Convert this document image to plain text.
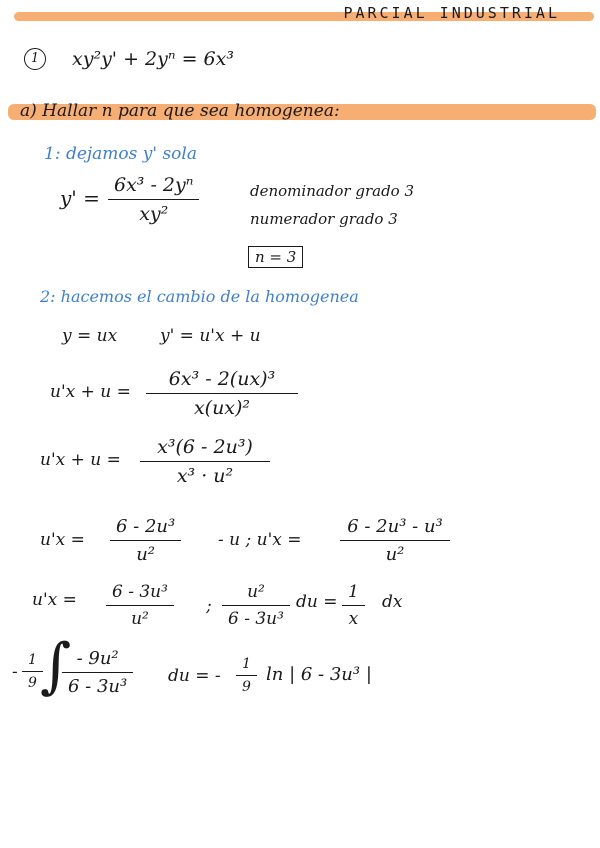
PARCIAL INDUSTRIAL
1	xy²y' + 2yⁿ = 6x³
a) Hallar n para que sea homogenea:
1: dejamos y' sola
$y' = \frac{\text{6x³ - 2yⁿ}}{\text{xy²}}$	denominador grado 3
numerador grado 3
n = 3
2: hacemos el cambio de la homogenea
y = ux	y' = u'x + u
$u'x + u = \frac{\text{6x³ - 2(ux)³}}{\text{x(ux)²}}$
$u'x + u = \frac{\text{x³(6 - 2u³)}}{\text{x³ · u²}}$
$u'x = \frac{\text{6 - 2u³}}{\text{u²}} - u$ ; $u'x = \frac{\text{6 - 2u³ - u³}}{\text{u²}}$
$u'x = \frac{\text{6 - 3u³}}{\text{u²}}$ ; $\frac{\text{u²}}{\text{6 - 3u³}}$ du = $\frac{1}{x}$ dx
- $\frac{1}{9}$
∫
$\frac{\text{- 9u²}}{\text{6 - 3u³}}$ du = - $\frac{1}{9}$ ln | 6 - 3u³ |
